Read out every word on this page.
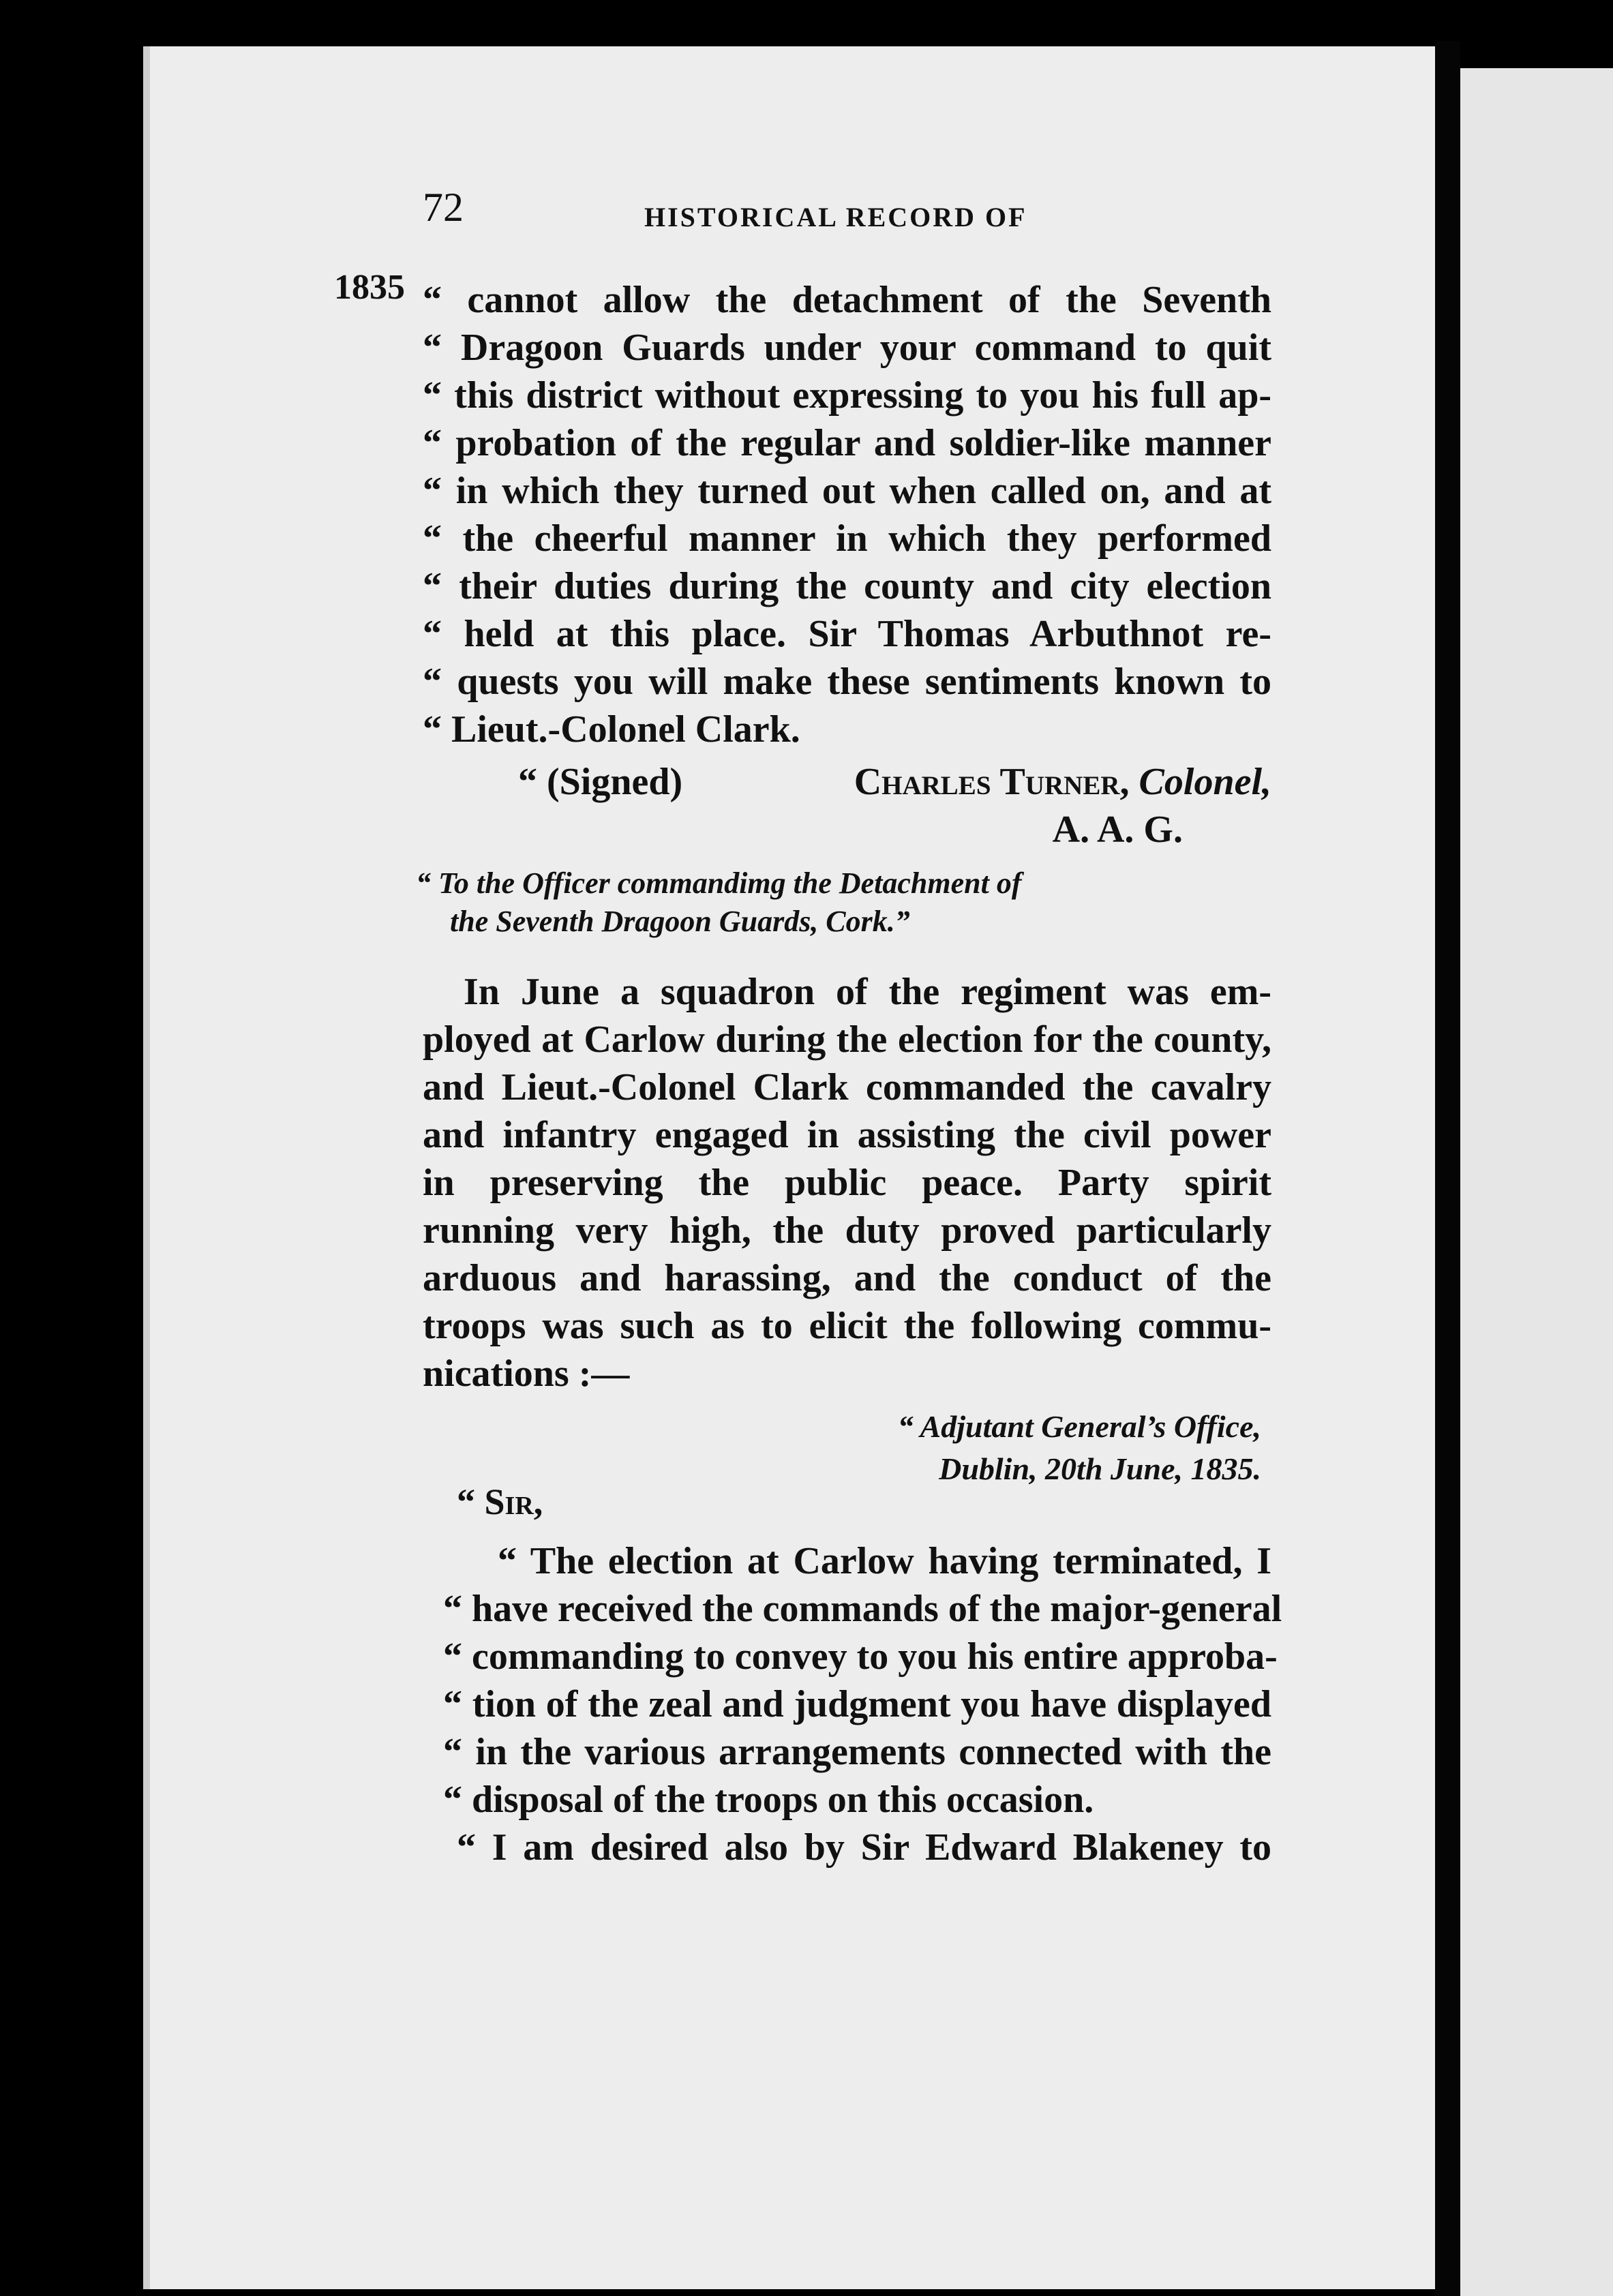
72	HISTORICAL RECORD OF
1835 “ cannot allow the detachment of the Seventh
“ Dragoon Guards under your command to quit
“ this district without expressing to you his full ap-
“ probation of the regular and soldier-like manner
“ in which they turned out when called on, and at
“ the cheerful manner in which they performed
“ their duties during the county and city election
“ held at this place. Sir Thomas Arbuthnot re-
“ quests you will make these sentiments known to
“ Lieut.-Colonel Clark.
“ (Signed)	Charles Turner, Colonel,
A. A. G.
“ To the Officer commandimg the Detachment of
the Seventh Dragoon Guards, Cork.”
In June a squadron of the regiment was em-
ployed at Carlow during the election for the county,
and Lieut.-Colonel Clark commanded the cavalry
and infantry engaged in assisting the civil power
in preserving the public peace. Party spirit
running very high, the duty proved particularly
arduous and harassing, and the conduct of the
troops was such as to elicit the following commu-
nications :—
“ Adjutant General’s Office,
Dublin, 20th June, 1835.
“ Sir,
“ The election at Carlow having terminated, I
“ have received the commands of the major-general
“ commanding to convey to you his entire approba-
“ tion of the zeal and judgment you have displayed
“ in the various arrangements connected with the
“ disposal of the troops on this occasion.
“ I am desired also by Sir Edward Blakeney to
